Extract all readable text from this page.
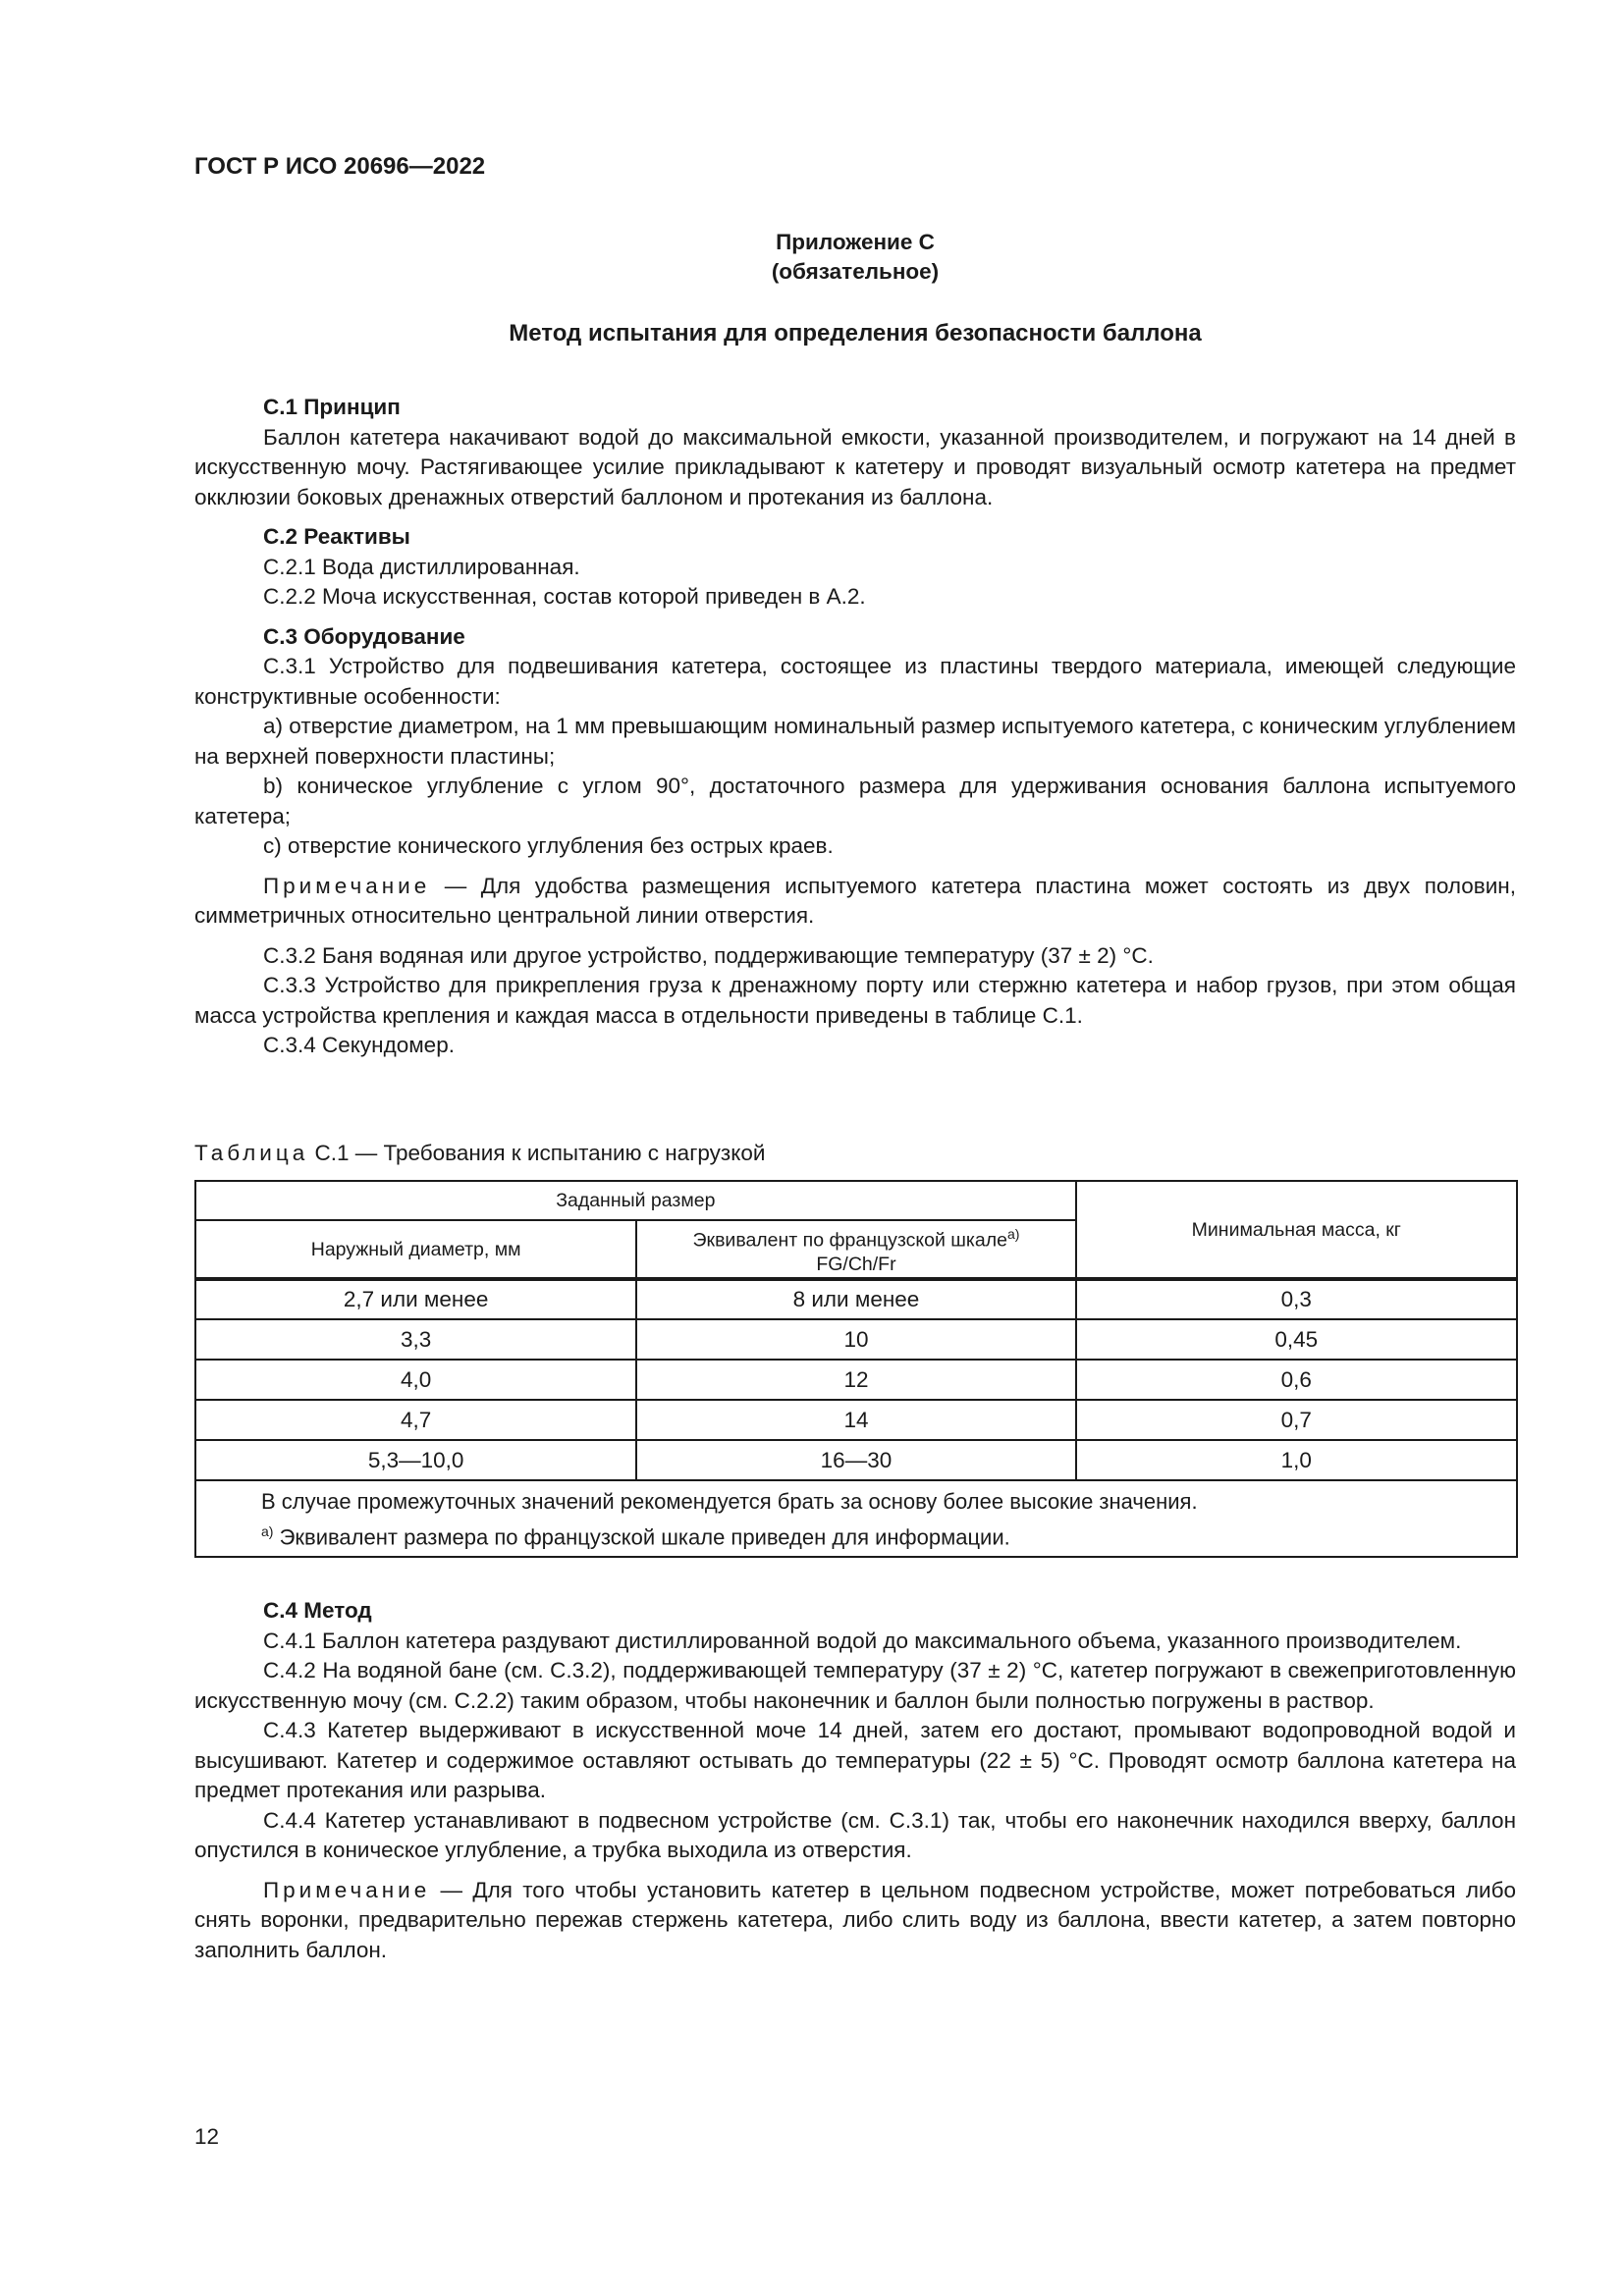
ГОСТ Р ИСО 20696—2022
Приложение С
(обязательное)
Метод испытания для определения безопасности баллона
С.1 Принцип

Баллон катетера накачивают водой до максимальной емкости, указанной производителем, и погружают на 14 дней в искусственную мочу. Растягивающее усилие прикладывают к катетеру и проводят визуальный осмотр катетера на предмет окклюзии боковых дренажных отверстий баллоном и протекания из баллона.

С.2 Реактивы

С.2.1 Вода дистиллированная.

С.2.2 Моча искусственная, состав которой приведен в А.2.

С.3 Оборудование

С.3.1 Устройство для подвешивания катетера, состоящее из пластины твердого материала, имеющей следующие конструктивные особенности:

а) отверстие диаметром, на 1 мм превышающим номинальный размер испытуемого катетера, с коническим углублением на верхней поверхности пластины;

b) коническое углубление с углом 90°, достаточного размера для удерживания основания баллона испытуемого катетера;

с) отверстие конического углубления без острых краев.

Примечание — Для удобства размещения испытуемого катетера пластина может состоять из двух половин, симметричных относительно центральной линии отверстия.

С.3.2 Баня водяная или другое устройство, поддерживающие температуру (37 ± 2) °С.

С.3.3 Устройство для прикрепления груза к дренажному порту или стержню катетера и набор грузов, при этом общая масса устройства крепления и каждая масса в отдельности приведены в таблице С.1.

С.3.4 Секундомер.

Таблица С.1 — Требования к испытанию с нагрузкой
Заданный размер		Минимальная масса, кг
Наружный диаметр, мм	Эквивалент по французской шкале$^{a)}$
FG/Ch/Fr	
2,7 или менее	8 или менее	0,3
3,3	10	0,45
4,0	12	0,6
4,7	14	0,7
5,3—10,0	16—30	1,0

В случае промежуточных значений рекомендуется брать за основу более высокие значения.
$^{а)}$ Эквивалент размера по французской шкале приведен для информации.		
С.4 Метод

С.4.1 Баллон катетера раздувают дистиллированной водой до максимального объема, указанного производителем.

С.4.2 На водяной бане (см. С.3.2), поддерживающей температуру (37 ± 2) °С, катетер погружают в свежеприготовленную искусственную мочу (см. С.2.2) таким образом, чтобы наконечник и баллон были полностью погружены в раствор.

С.4.3 Катетер выдерживают в искусственной моче 14 дней, затем его достают, промывают водопроводной водой и высушивают. Катетер и содержимое оставляют остывать до температуры (22 ± 5) °С. Проводят осмотр баллона катетера на предмет протекания или разрыва.

С.4.4 Катетер устанавливают в подвесном устройстве (см. С.3.1) так, чтобы его наконечник находился вверху, баллон опустился в коническое углубление, а трубка выходила из отверстия.

Примечание — Для того чтобы установить катетер в цельном подвесном устройстве, может потребоваться либо снять воронки, предварительно пережав стержень катетера, либо слить воду из баллона, ввести катетер, а затем повторно заполнить баллон.

12
